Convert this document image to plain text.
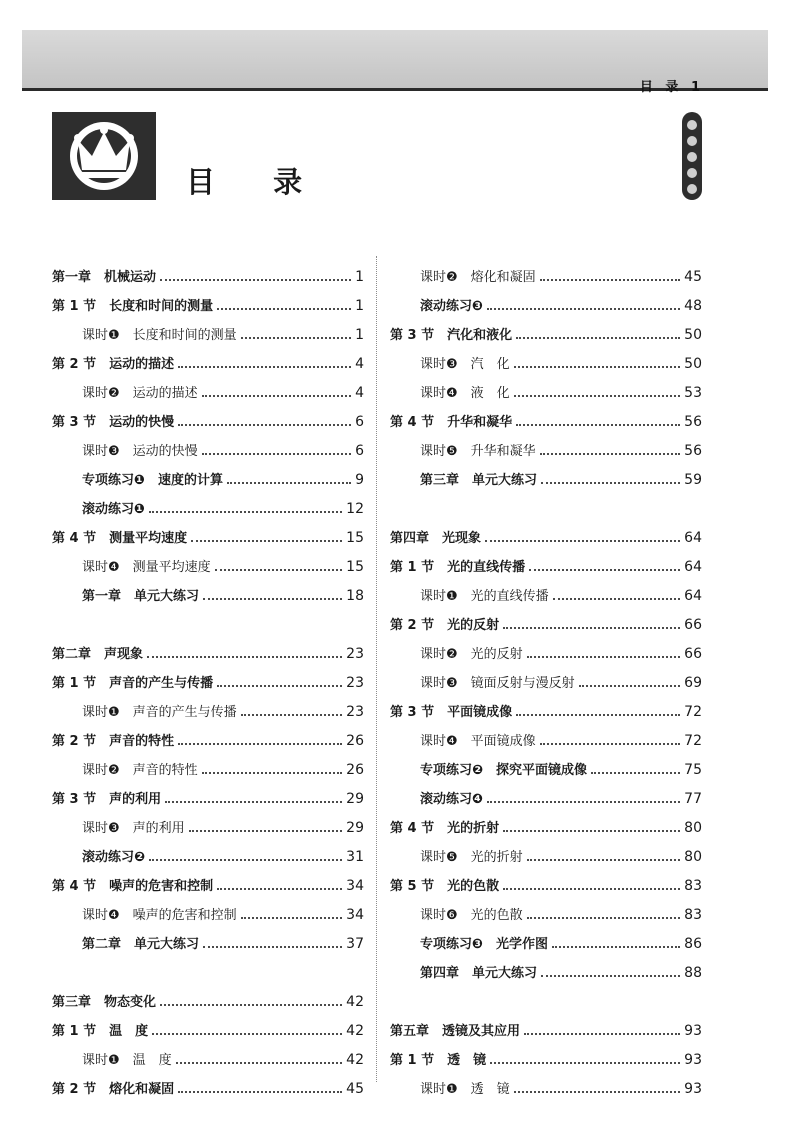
目 录 1
目 录
第一章　机械运动	1
第 1 节　长度和时间的测量	1
课时❶　长度和时间的测量	1
第 2 节　运动的描述	4
课时❷　运动的描述	4
第 3 节　运动的快慢	6
课时❸　运动的快慢	6
专项练习❶　速度的计算	9
滚动练习❶	12
第 4 节　测量平均速度	15
课时❹　测量平均速度	15
第一章　单元大练习	18
第二章　声现象	23
第 1 节　声音的产生与传播	23
课时❶　声音的产生与传播	23
第 2 节　声音的特性	26
课时❷　声音的特性	26
第 3 节　声的利用	29
课时❸　声的利用	29
滚动练习❷	31
第 4 节　噪声的危害和控制	34
课时❹　噪声的危害和控制	34
第二章　单元大练习	37
第三章　物态变化	42
第 1 节　温　度	42
课时❶　温　度	42
第 2 节　熔化和凝固	45
课时❷　熔化和凝固	45
滚动练习❸	48
第 3 节　汽化和液化	50
课时❸　汽　化	50
课时❹　液　化	53
第 4 节　升华和凝华	56
课时❺　升华和凝华	56
第三章　单元大练习	59
第四章　光现象	64
第 1 节　光的直线传播	64
课时❶　光的直线传播	64
第 2 节　光的反射	66
课时❷　光的反射	66
课时❸　镜面反射与漫反射	69
第 3 节　平面镜成像	72
课时❹　平面镜成像	72
专项练习❷　探究平面镜成像	75
滚动练习❹	77
第 4 节　光的折射	80
课时❺　光的折射	80
第 5 节　光的色散	83
课时❻　光的色散	83
专项练习❸　光学作图	86
第四章　单元大练习	88
第五章　透镜及其应用	93
第 1 节　透　镜	93
课时❶　透　镜	93
